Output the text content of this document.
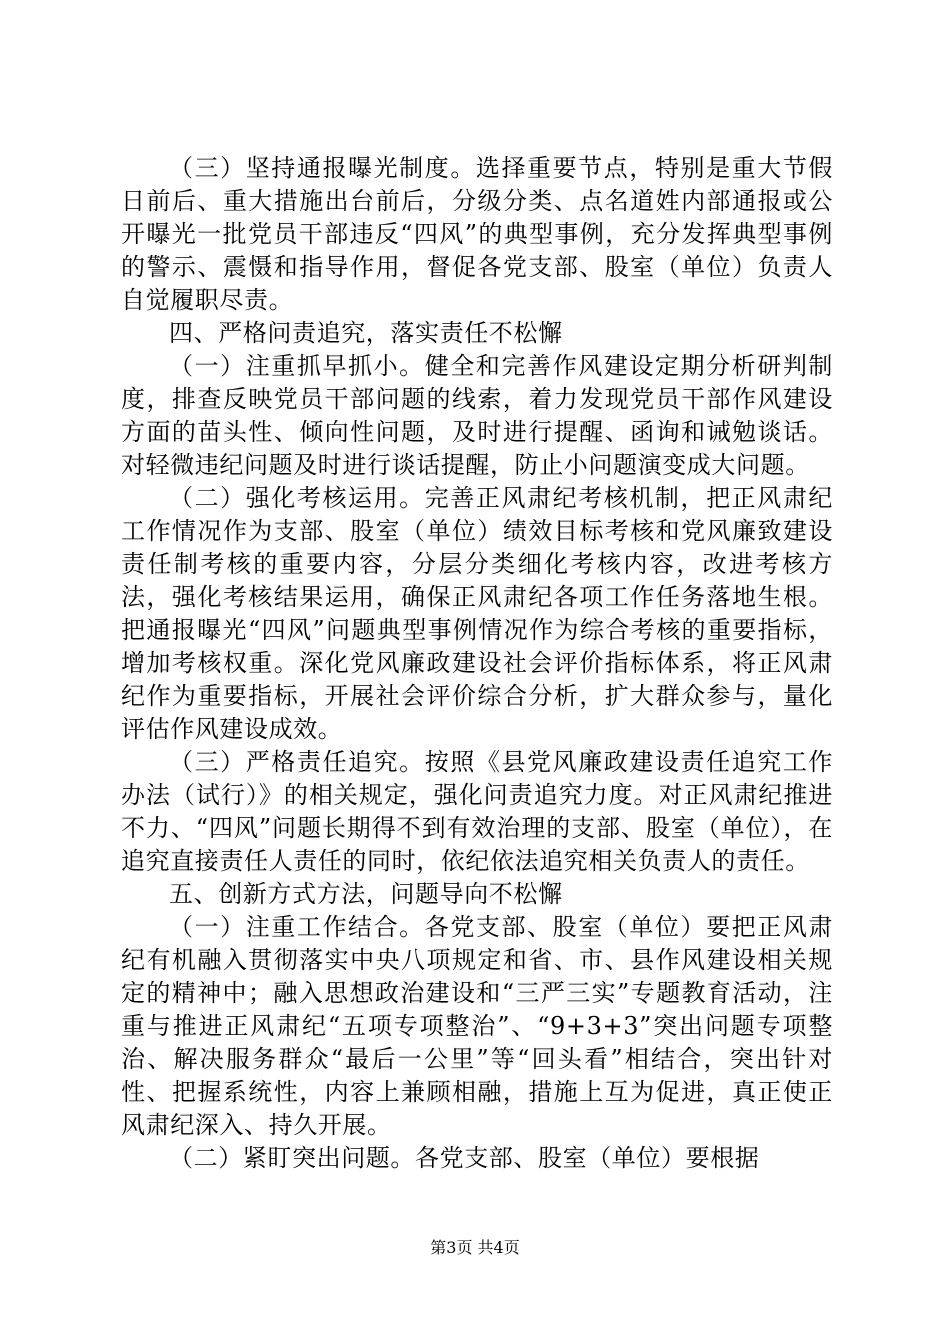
（三）坚持通报曝光制度。选择重要节点，特别是重大节假日前后、重大措施出台前后，分级分类、点名道姓内部通报或公开曝光一批党员干部违反“四风”的典型事例，充分发挥典型事例的警示、震慑和指导作用，督促各党支部、股室（单位）负责人自觉履职尽责。

四、严格问责追究，落实责任不松懈

（一）注重抓早抓小。健全和完善作风建设定期分析研判制度，排查反映党员干部问题的线索，着力发现党员干部作风建设方面的苗头性、倾向性问题，及时进行提醒、函询和诫勉谈话。对轻微违纪问题及时进行谈话提醒，防止小问题演变成大问题。

（二）强化考核运用。完善正风肃纪考核机制，把正风肃纪工作情况作为支部、股室（单位）绩效目标考核和党风廉致建设责任制考核的重要内容，分层分类细化考核内容，改进考核方法，强化考核结果运用，确保正风肃纪各项工作任务落地生根。把通报曝光“四风”问题典型事例情况作为综合考核的重要指标，增加考核权重。深化党风廉政建设社会评价指标体系，将正风肃纪作为重要指标，开展社会评价综合分析，扩大群众参与，量化评估作风建设成效。

（三）严格责任追究。按照《县党风廉政建设责任追究工作办法（试行）》的相关规定，强化问责追究力度。对正风肃纪推进不力、“四风”问题长期得不到有效治理的支部、股室（单位），在追究直接责任人责任的同时，依纪依法追究相关负责人的责任。

五、创新方式方法，问题导向不松懈

（一）注重工作结合。各党支部、股室（单位）要把正风肃纪有机融入贯彻落实中央八项规定和省、市、县作风建设相关规定的精神中；融入思想政治建设和“三严三实”专题教育活动，注重与推进正风肃纪“五项专项整治”、“9+3+3”突出问题专项整治、解决服务群众“最后一公里”等“回头看”相结合，突出针对性、把握系统性，内容上兼顾相融，措施上互为促进，真正使正风肃纪深入、持久开展。

（二）紧盯突出问题。各党支部、股室（单位）要根据

第3页 共4页
